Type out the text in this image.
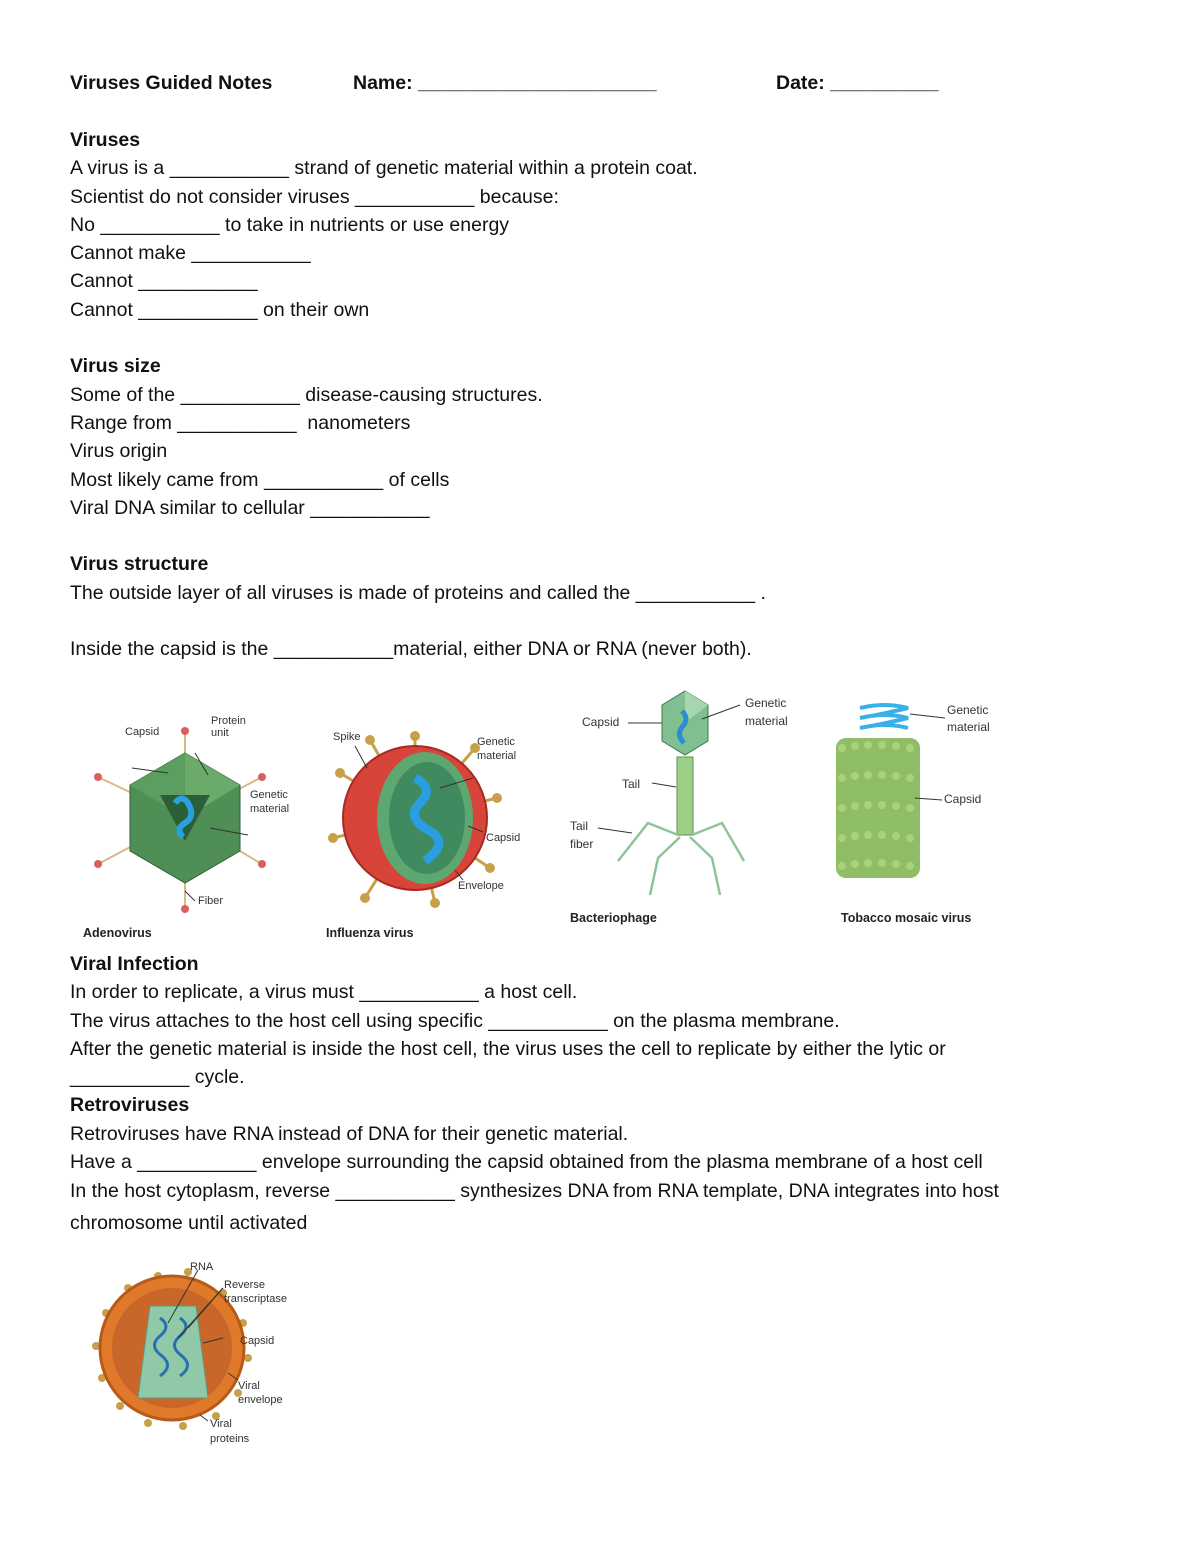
Viruses Guided Notes	Name: ______________________	Date: __________
Viruses
A virus is a ___________ strand of genetic material within a protein coat.
Scientist do not consider viruses ___________ because:
No ___________ to take in nutrients or use energy
Cannot make ___________
Cannot ___________
Cannot ___________ on their own
Virus size
Some of the ___________ disease-causing structures.
Range from ___________  nanometers
Virus origin
Most likely came from ___________ of cells
Viral DNA similar to cellular ___________
Virus structure
The outside layer of all viruses is made of proteins and called the ___________ .
Inside the capsid is the ___________material, either DNA or RNA (never both).
Capsid
Protein
unit
Genetic
material
Fiber
Adenovirus
Spike	Genetic
material
Capsid
Envelope
Influenza virus
Capsid
Genetic
material
Tail
Tail
fiber
Bacteriophage
Genetic
material
Capsid
Tobacco mosaic virus
Viral Infection
In order to replicate, a virus must ___________ a host cell.
The virus attaches to the host cell using specific ___________ on the plasma membrane.
After the genetic material is inside the host cell, the virus uses the cell to replicate by either the lytic or
___________ cycle.
Retroviruses
Retroviruses have RNA instead of DNA for their genetic material.
Have a ___________ envelope surrounding the capsid obtained from the plasma membrane of a host cell
In the host cytoplasm, reverse ___________ synthesizes DNA from RNA template, DNA integrates into host
chromosome until activated
RNA
Reverse
transcriptase
Capsid
Viral
envelope
Viral
proteins
